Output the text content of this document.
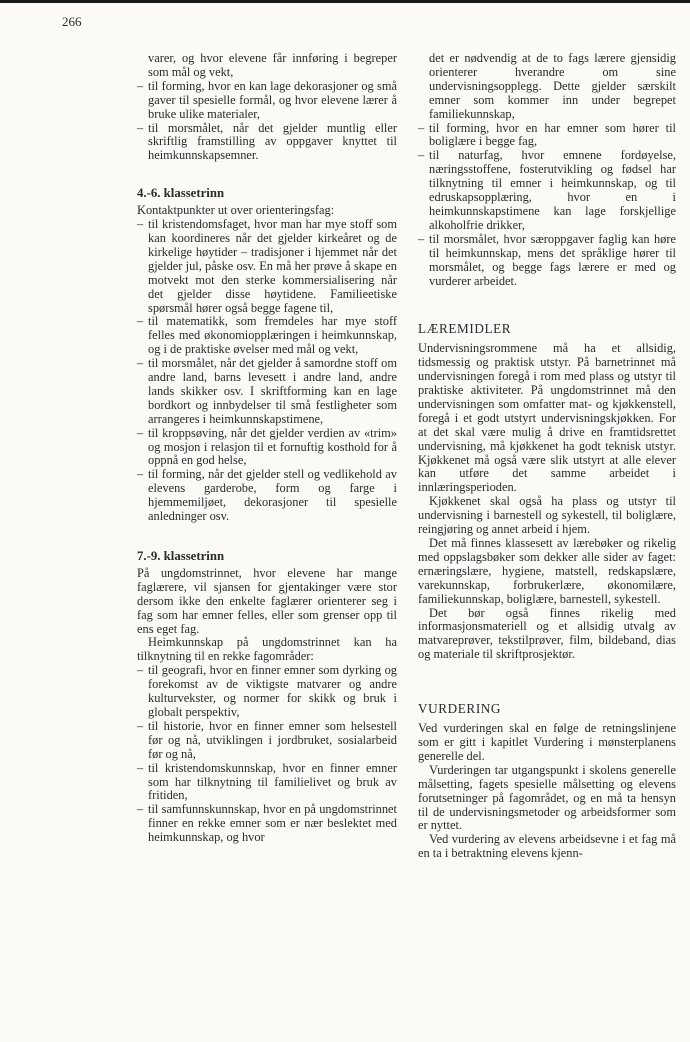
266
varer, og hvor elevene får innføring i begreper som mål og vekt,
– til forming, hvor en kan lage dekorasjoner og små gaver til spesielle formål, og hvor elevene lærer å bruke ulike materialer,
– til morsmålet, når det gjelder muntlig eller skriftlig framstilling av oppgaver knyttet til heimkunnskapsemner.
4.-6. klassetrinn

Kontaktpunkter ut over orienteringsfag:

– til kristendomsfaget, hvor man har mye stoff som kan koordineres når det gjelder kirkeåret og de kirkelige høytider – tradisjoner i hjemmet når det gjelder jul, påske osv. En må her prøve å skape en motvekt mot den sterke kommersialisering når det gjelder disse høytidene. Familieetiske spørsmål hører også begge fagene til,
– til matematikk, som fremdeles har mye stoff felles med økonomiopplæringen i heimkunnskap, og i de praktiske øvelser med mål og vekt,
– til morsmålet, når det gjelder å samordne stoff om andre land, barns levesett i andre land, andre lands skikker osv. I skriftforming kan en lage bordkort og innbydelser til små festligheter som arrangeres i heimkunnskapstimene,
– til kroppsøving, når det gjelder verdien av «trim» og mosjon i relasjon til et fornuftig kosthold for å oppnå en god helse,
– til forming, når det gjelder stell og vedlikehold av elevens garderobe, form og farge i hjemmemiljøet, dekorasjoner til spesielle anledninger osv.
7.-9. klassetrinn

På ungdomstrinnet, hvor elevene har mange faglærere, vil sjansen for gjentakinger være stor dersom ikke den enkelte faglærer orienterer seg i fag som har emner felles, eller som grenser opp til ens eget fag.

Heimkunnskap på ungdomstrinnet kan ha tilknytning til en rekke fagområder:

– til geografi, hvor en finner emner som dyrking og forekomst av de viktigste matvarer og andre kulturvekster, og normer for skikk og bruk i globalt perspektiv,
– til historie, hvor en finner emner som helsestell før og nå, utviklingen i jordbruket, sosialarbeid før og nå,
– til kristendomskunnskap, hvor en finner emner som har tilknytning til familielivet og bruk av fritiden,
– til samfunnskunnskap, hvor en på ungdomstrinnet finner en rekke emner som er nær beslektet med heimkunnskap, og hvor
det er nødvendig at de to fags lærere gjensidig orienterer hverandre om sine undervisningsopplegg. Dette gjelder særskilt emner som kommer inn under begrepet familiekunnskap,
– til forming, hvor en har emner som hører til boliglære i begge fag,
– til naturfag, hvor emnene fordøyelse, næringsstoffene, fosterutvikling og fødsel har tilknytning til emner i heimkunnskap, og til edruskapsopplæring, hvor en i heimkunnskapstimene kan lage forskjellige alkoholfrie drikker,
– til morsmålet, hvor særoppgaver faglig kan høre til heimkunnskap, mens det språklige hører til morsmålet, og begge fags lærere er med og vurderer arbeidet.
LÆREMIDLER

Undervisningsrommene må ha et allsidig, tidsmessig og praktisk utstyr. På barnetrinnet må undervisningen foregå i rom med plass og utstyr til praktiske aktiviteter. På ungdomstrinnet må den undervisningen som omfatter mat- og kjøkkenstell, foregå i et godt utstyrt undervisningskjøkken. For at det skal være mulig å drive en framtidsrettet undervisning, må kjøkkenet ha godt teknisk utstyr. Kjøkkenet må også være slik utstyrt at alle elever kan utføre det samme arbeidet i innlæringsperioden.

Kjøkkenet skal også ha plass og utstyr til undervisning i barnestell og sykestell, til boliglære, reingjøring og annet arbeid i hjem.

Det må finnes klassesett av lærebøker og rikelig med oppslagsbøker som dekker alle sider av faget: ernæringslære, hygiene, matstell, redskapslære, varekunnskap, forbrukerlære, økonomilære, familiekunnskap, boliglære, barnestell, sykestell.

Det bør også finnes rikelig med informasjonsmateriell og et allsidig utvalg av matvareprøver, tekstilprøver, film, bildeband, dias og materiale til skriftprosjektør.

VURDERING

Ved vurderingen skal en følge de retningslinjene som er gitt i kapitlet Vurdering i mønsterplanens generelle del.

Vurderingen tar utgangspunkt i skolens generelle målsetting, fagets spesielle målsetting og elevens forutsetninger på fagområdet, og en må ta hensyn til de undervisningsmetoder og arbeidsformer som er nyttet.

Ved vurdering av elevens arbeidsevne i et fag må en ta i betraktning elevens kjenn-
